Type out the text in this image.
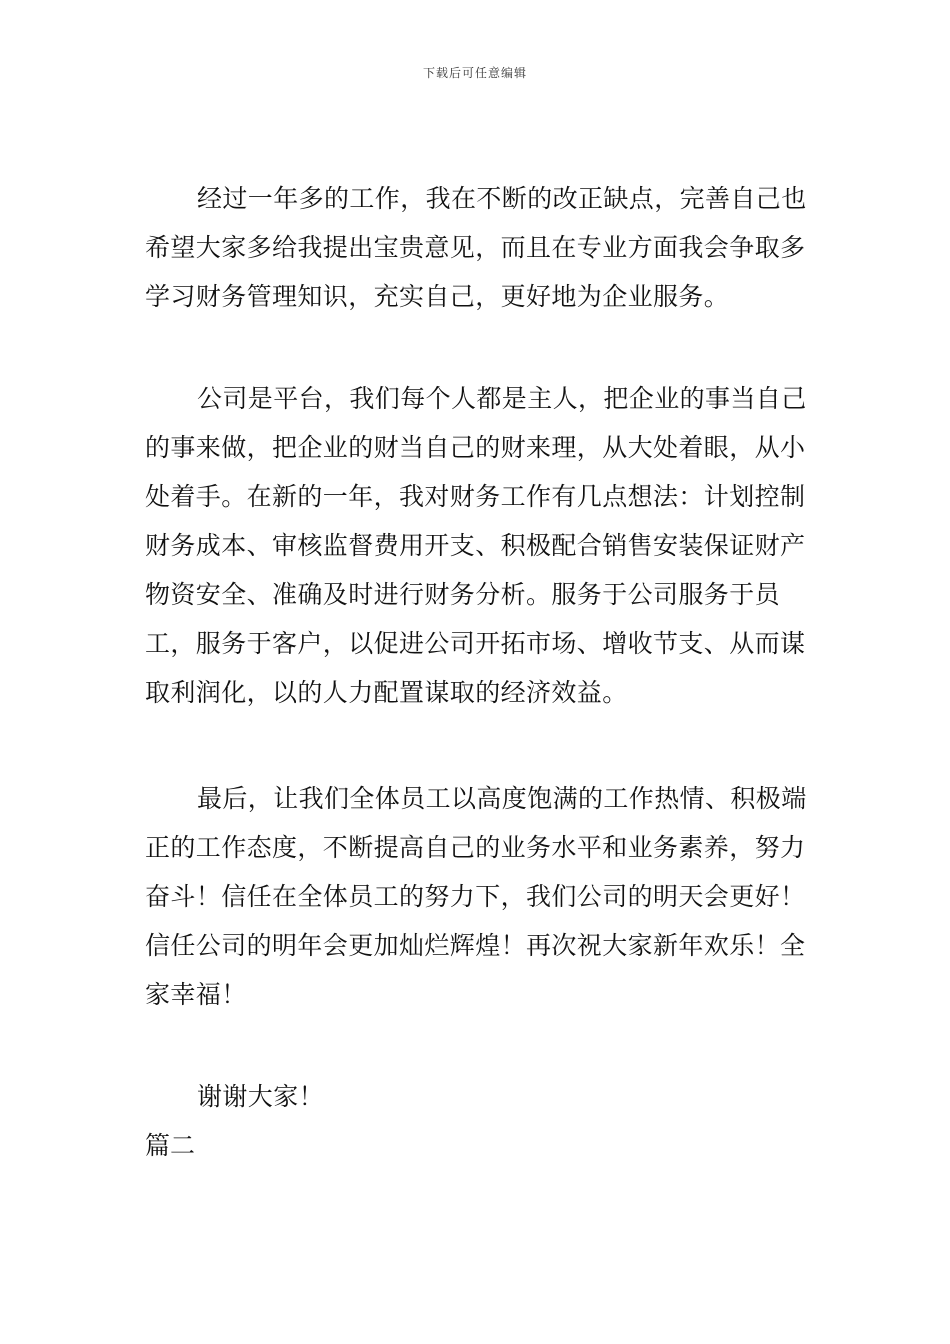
下载后可任意编辑

经过一年多的工作，我在不断的改正缺点，完善自己也希望大家多给我提出宝贵意见，而且在专业方面我会争取多学习财务管理知识，充实自己，更好地为企业服务。

公司是平台，我们每个人都是主人，把企业的事当自己的事来做，把企业的财当自己的财来理，从大处着眼，从小处着手。在新的一年，我对财务工作有几点想法：计划控制财务成本、审核监督费用开支、积极配合销售安装保证财产物资安全、准确及时进行财务分析。服务于公司服务于员工，服务于客户，以促进公司开拓市场、增收节支、从而谋取利润化，以的人力配置谋取的经济效益。

最后，让我们全体员工以高度饱满的工作热情、积极端正的工作态度，不断提高自己的业务水平和业务素养，努力奋斗！信任在全体员工的努力下，我们公司的明天会更好！信任公司的明年会更加灿烂辉煌！再次祝大家新年欢乐！全家幸福！

谢谢大家！

篇二
